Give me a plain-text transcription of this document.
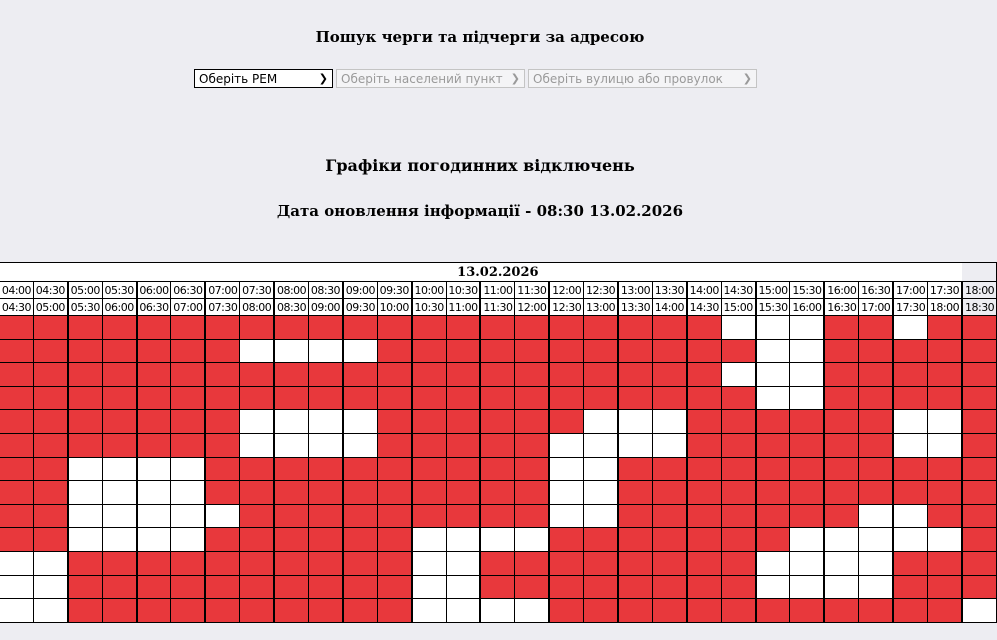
Пошук черги та підчерги за адресою
Оберіть РЕМ	❯ Оберіть населений пункт ❯ Оберіть вулицю або провулок ❯
Графіки погодинних відключень
Дата оновлення інформації - 08:30 13.02.2026
13.02.2026																												
04:00	04:30	05:00	05:30	06:00	06:30	07:00	07:30	08:00	08:30	09:00	09:30	10:00	10:30	11:00	11:30	12:00	12:30	13:00	13:30	14:00	14:30	15:00	15:30	16:00	16:30	17:00	17:30	18:00
04:30	05:00	05:30	06:00	06:30	07:00	07:30	08:00	08:30	09:00	09:30	10:00	10:30	11:00	11:30	12:00	12:30	13:00	13:30	14:00	14:30	15:00	15:30	16:00	16:30	17:00	17:30	18:00	18:30
